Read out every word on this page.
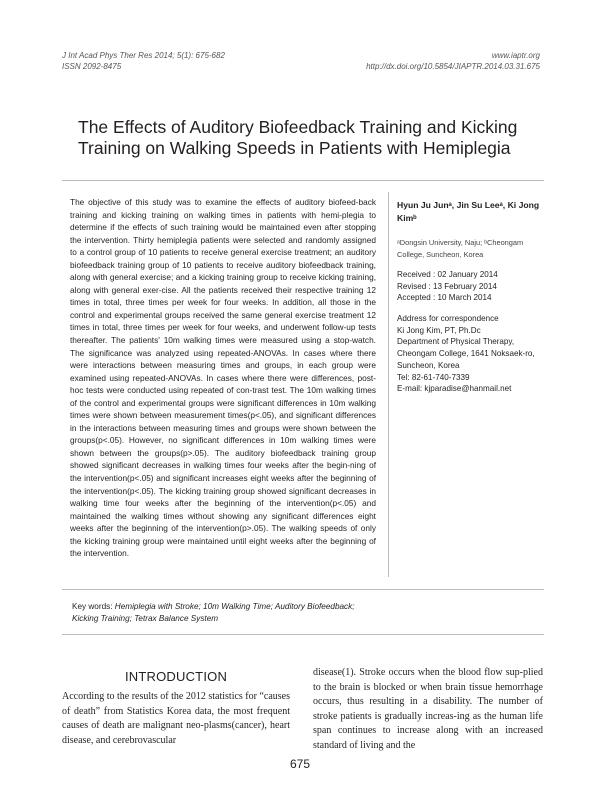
J Int Acad Phys Ther Res 2014; 5(1): 675-682
ISSN 2092-8475
www.iaptr.org
http://dx.doi.org/10.5854/JIAPTR.2014.03.31.675
The Effects of Auditory Biofeedback Training and Kicking
Training on Walking Speeds in Patients with Hemiplegia

The objective of this study was to examine the effects of auditory biofeed-back training and kicking training on walking times in patients with hemi-plegia to determine if the effects of such training would be maintained even after stopping the intervention. Thirty hemiplegia patients were selected and randomly assigned to a control group of 10 patients to receive general exercise treatment; an auditory biofeedback training group of 10 patients to receive auditory biofeedback training, along with general exercise; and a kicking training group to receive kicking training, along with general exer-cise. All the patients received their respective training 12 times in total, three times per week for four weeks. In addition, all those in the control and experimental groups received the same general exercise treatment 12 times in total, three times per week for four weeks, and underwent follow-up tests thereafter. The patients' 10m walking times were measured using a stop-watch. The significance was analyzed using repeated-ANOVAs. In cases where there were interactions between measuring times and groups, in each group were examined using repeated-ANOVAs. In cases where there were differences, post-hoc tests were conducted using repeated of con-trast test. The 10m walking times of the control and experimental groups were significant differences in 10m walking times were shown between measurement times(p<.05), and significant differences in the interactions between measuring times and groups were shown between the groups(p<.05). However, no significant differences in 10m walking times were shown between the groups(p>.05). The auditory biofeedback training group showed significant decreases in walking times four weeks after the begin-ning of the intervention(p<.05) and significant increases eight weeks after the beginning of the intervention(p<.05). The kicking training group showed significant decreases in walking time four weeks after the beginning of the intervention(p<.05) and maintained the walking times without showing any significant differences eight weeks after the beginning of the intervention(p>.05). The walking speeds of only the kicking training group were maintained until eight weeks after the beginning of the intervention.

Hyun Ju Junᵃ, Jin Su Leeᵃ, Ki Jong Kimᵇ
ᵃDongsin University, Naju; ᵇCheongam College, Suncheon, Korea
Received : 02 January 2014
Revised : 13 February 2014
Accepted : 10 March 2014
Address for correspondence
Ki Jong Kim, PT, Ph.Dc
Department of Physical Therapy,
Cheongam College, 1641 Noksaek-ro,
Suncheon, Korea
Tel: 82-61-740-7339
E-mail: kjparadise@hanmail.net
Key words: Hemiplegia with Stroke; 10m Walking Time; Auditory Biofeedback; Kicking Training; Tetrax Balance System
INTRODUCTION

According to the results of the 2012 statistics for “causes of death” from Statistics Korea data, the most frequent causes of death are malignant neo-plasms(cancer), heart disease, and cerebrovascular

disease(1). Stroke occurs when the blood flow sup-plied to the brain is blocked or when brain tissue hemorrhage occurs, thus resulting in a disability. The number of stroke patients is gradually increas-ing as the human life span continues to increase along with an increased standard of living and the

675
